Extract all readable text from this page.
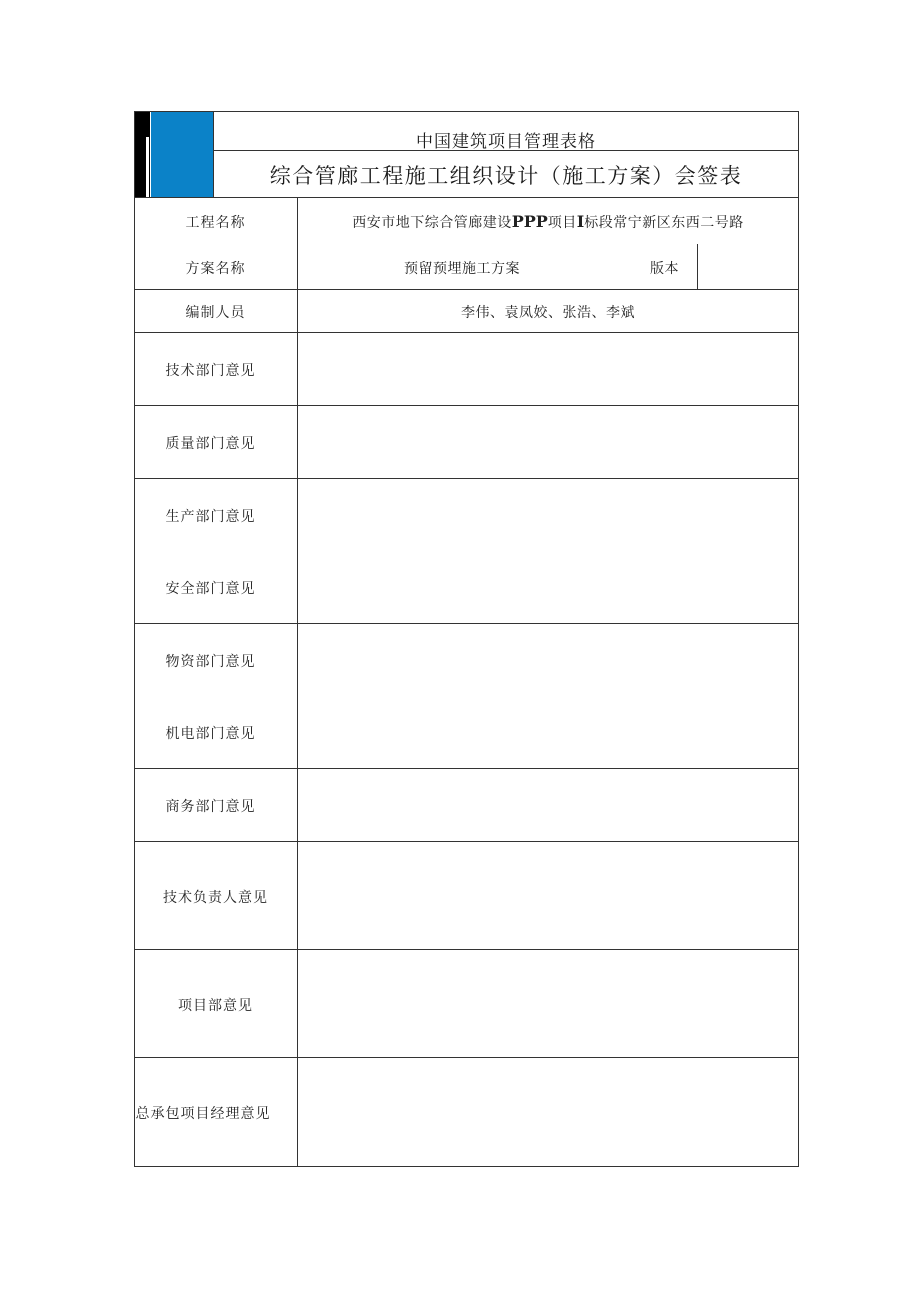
中国建筑项目管理表格
综合管廊工程施工组织设计（施工方案）会签表
工程名称	西安市地下综合管廊建设PPP项目I标段常宁新区东西二号路
方案名称	预留预埋施工方案	版本
编制人员	李伟、袁凤姣、张浩、李斌
技术部门意见
质量部门意见
生产部门意见
安全部门意见
物资部门意见
机电部门意见
商务部门意见
技术负责人意见
项目部意见
总承包项目经理意见
